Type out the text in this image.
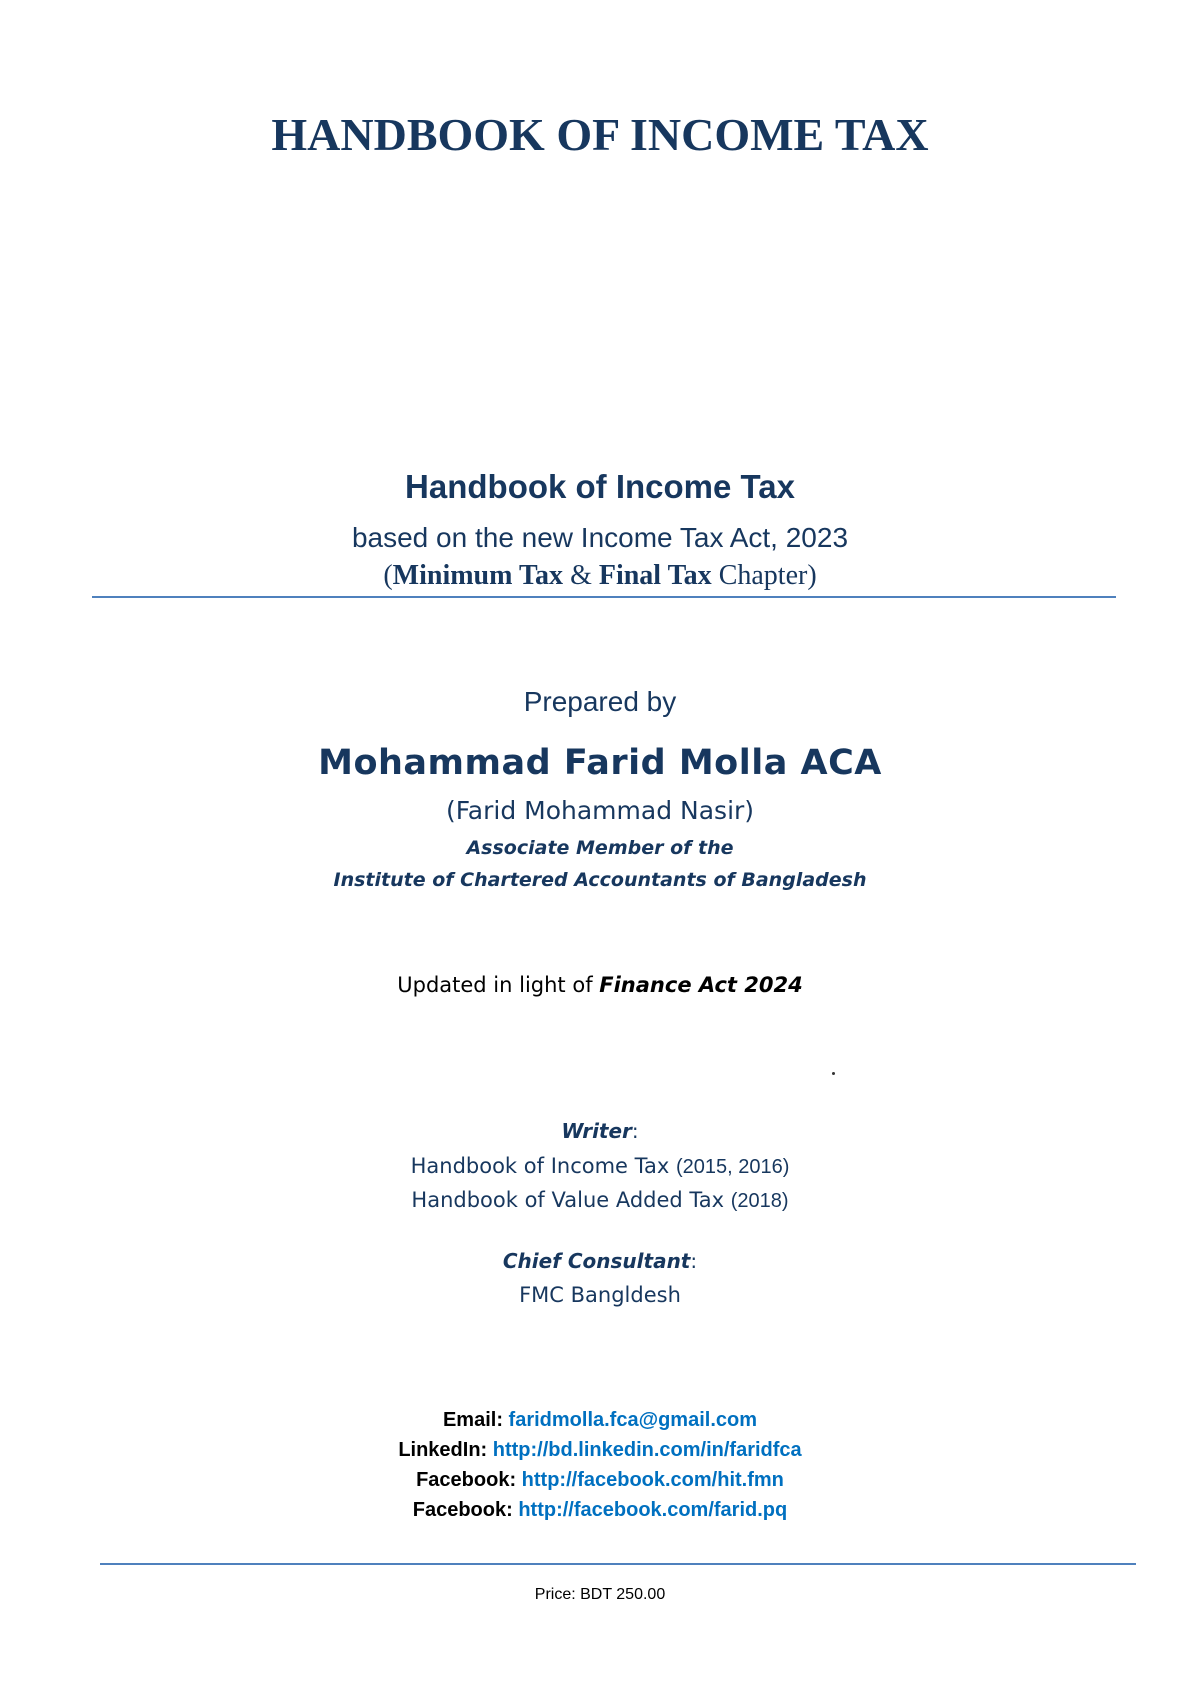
HANDBOOK OF INCOME TAX
Handbook of Income Tax
based on the new Income Tax Act, 2023
(Minimum Tax & Final Tax Chapter)
Prepared by
Mohammad Farid Molla ACA
(Farid Mohammad Nasir)
Associate Member of the
Institute of Chartered Accountants of Bangladesh
Updated in light of Finance Act 2024
Writer:
Handbook of Income Tax (2015, 2016)
Handbook of Value Added Tax (2018)
Chief Consultant:
FMC Bangldesh
Email: faridmolla.fca@gmail.com
LinkedIn: http://bd.linkedin.com/in/faridfca
Facebook: http://facebook.com/hit.fmn
Facebook: http://facebook.com/farid.pq
Price: BDT 250.00
